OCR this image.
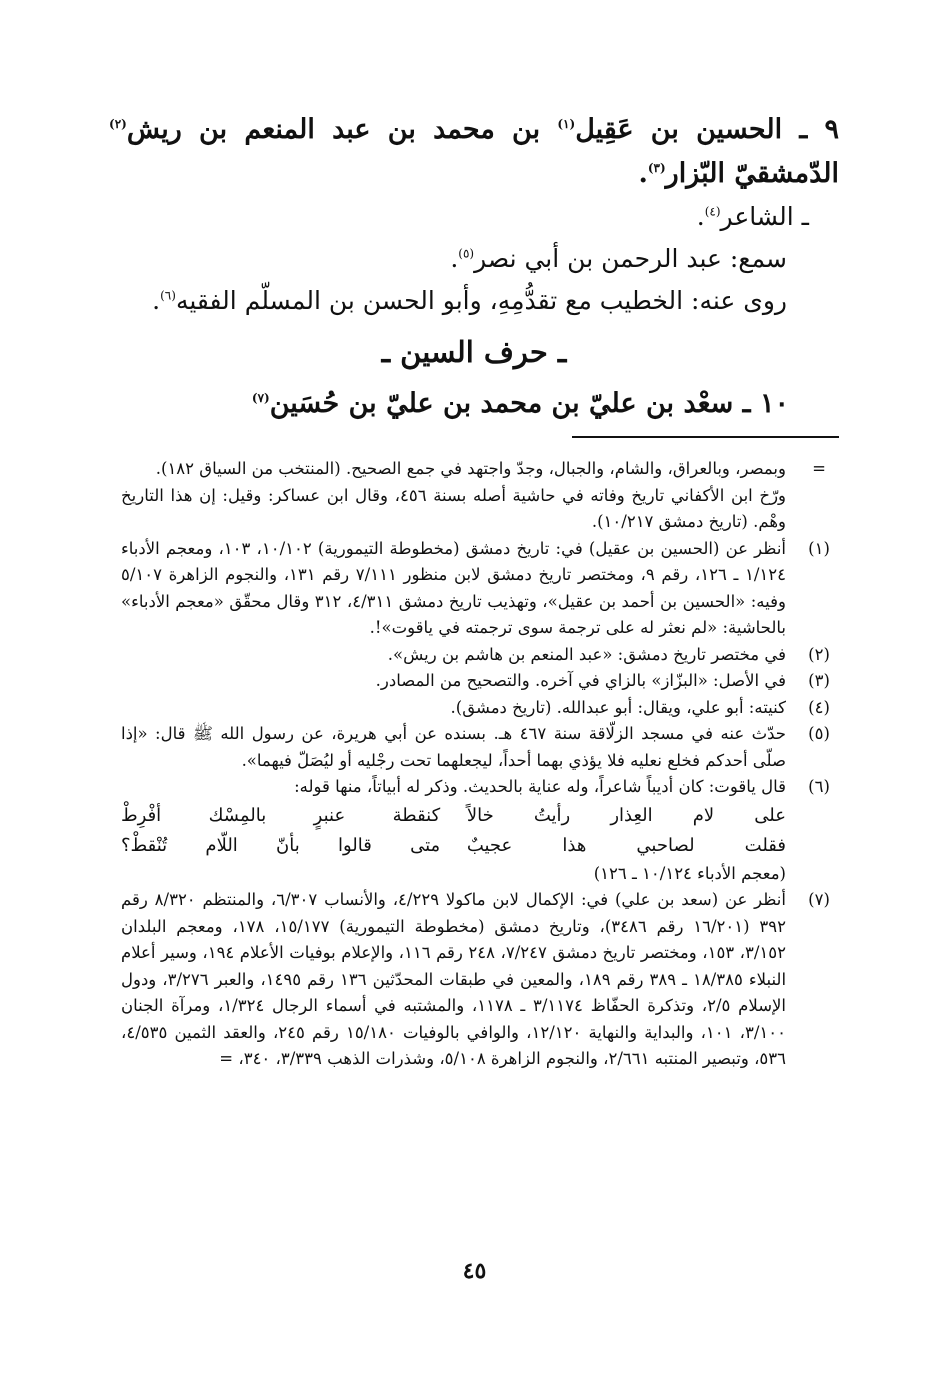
٩ ـ الحسين بن عَقِيل$^{(١)}$ بن محمد بن عبد المنعم بن ريش$^{(٢)}$ الدّمشقيّ البّزار$^{(٣)}$.

ـ الشاعر$^{(٤)}$.

سمع: عبد الرحمن بن أبي نصر$^{(٥)}$.

روى عنه: الخطيب مع تقدُّمِهِ، وأبو الحسن بن المسلّم الفقيه$^{(٦)}$.

ـ حرف السين ـ

١٠ ـ سعْد بن عليّ بن محمد بن عليّ بن حُسَين$^{(٧)}$

=

وبمصر، وبالعراق، والشام، والجبال، وجدّ واجتهد في جمع الصحيح. (المنتخب من السياق ١٨٢).

ورّخ ابن الأكفاني تاريخ وفاته في حاشية أصله بسنة ٤٥٦، وقال ابن عساكر: وقيل: إن هذا التاريخ وهْم. (تاريخ دمشق ١٠/٢١٧).

(١)

أنظر عن (الحسين بن عقيل) في: تاريخ دمشق (مخطوطة التيمورية) ١٠/١٠٢، ١٠٣، ومعجم الأدباء ١/١٢٤ ـ ١٢٦، رقم ٩، ومختصر تاريخ دمشق لابن منظور ٧/١١١ رقم ١٣١، والنجوم الزاهرة ٥/١٠٧ وفيه: «الحسين بن أحمد بن عقيل»، وتهذيب تاريخ دمشق ٤/٣١١، ٣١٢ وقال محقّق «معجم الأدباء» بالحاشية: «لم نعثر له على ترجمة سوى ترجمته في ياقوت»!.

(٢)

في مختصر تاريخ دمشق: «عبد المنعم بن هاشم بن ريش».

(٣)

في الأصل: «البزّاز» بالزاي في آخره. والتصحيح من المصادر.

(٤)

كنيته: أبو علي، ويقال: أبو عبدالله. (تاريخ دمشق).

(٥)

حدّث عنه في مسجد الزلّاقة سنة ٤٦٧ هـ. بسنده عن أبي هريرة، عن رسول الله ﷺ قال: «إذا صلّى أحدكم فخلع نعليه فلا يؤذي بهما أحداً، ليجعلهما تحت رجْليه أو ليُصَلّ فيهما».

(٦)

قال ياقوت: كان أديباً شاعراً، وله عناية بالحديث. وذكر له أبياتاً، منها قوله:

على لام العِذار رأيتُ خالاً
كنقطة عنبرٍ بالمِسْك أفْرِطْ
فقلت لصاحبي هذا عجيبٌ
متى قالوا بأنّ اللّام تُنْقطْ؟

(معجم الأدباء ١٠/١٢٤ ـ ١٢٦)

(٧)

أنظر عن (سعد بن علي) في: الإكمال لابن ماكولا ٤/٢٢٩، والأنساب ٦/٣٠٧، والمنتظم ٨/٣٢٠ رقم ٣٩٢ (١٦/٢٠١ رقم ٣٤٨٦)، وتاريخ دمشق (مخطوطة التيمورية) ١٥/١٧٧، ١٧٨، ومعجم البلدان ٣/١٥٢، ١٥٣، ومختصر تاريخ دمشق ٧/٢٤٧، ٢٤٨ رقم ١١٦، والإعلام بوفيات الأعلام ١٩٤، وسير أعلام النبلاء ١٨/٣٨٥ ـ ٣٨٩ رقم ١٨٩، والمعين في طبقات المحدّثين ١٣٦ رقم ١٤٩٥، والعبر ٣/٢٧٦، ودول الإسلام ٢/٥، وتذكرة الحفّاظ ٣/١١٧٤ ـ ١١٧٨، والمشتبه في أسماء الرجال ١/٣٢٤، ومرآة الجنان ٣/١٠٠، ١٠١، والبداية والنهاية ١٢/١٢٠، والوافي بالوفيات ١٥/١٨٠ رقم ٢٤٥، والعقد الثمين ٤/٥٣٥، ٥٣٦، وتبصير المنتبه ٢/٦٦١، والنجوم الزاهرة ٥/١٠٨، وشذرات الذهب ٣/٣٣٩، ٣٤٠، =

٤٥
